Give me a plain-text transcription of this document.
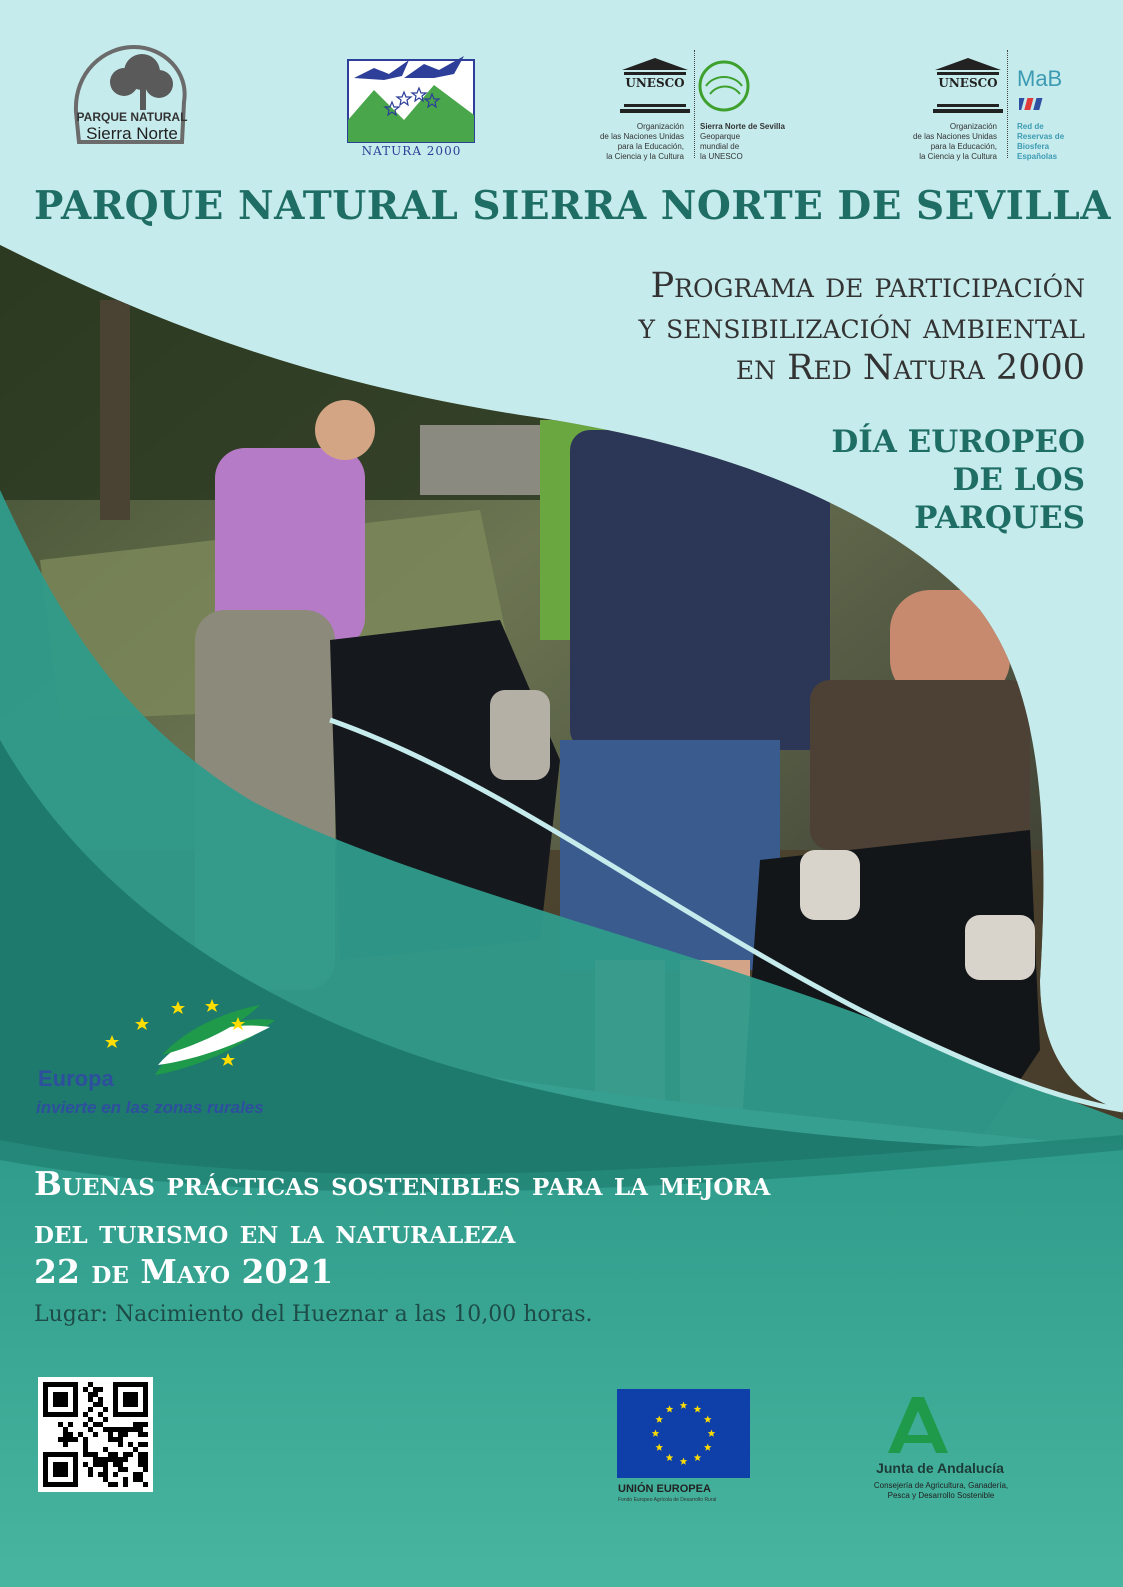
PARQUE NATURAL
Sierra Norte
NATURA 2000
UNESCO
Organización
de las Naciones Unidas
para la Educación,
la Ciencia y la Cultura
Sierra Norte de Sevilla
Geoparque
mundial de
la UNESCO
UNESCO MaB
Organización
de las Naciones Unidas
para la Educación,
la Ciencia y la Cultura
Red de
Reservas de
Biosfera
Españolas
PARQUE NATURAL SIERRA NORTE DE SEVILLA
Programa de participación
y sensibilización ambiental
en Red Natura 2000
DÍA EUROPEO
DE LOS
PARQUES
Europa
invierte en las zonas rurales
Buenas prácticas sostenibles para la mejora
del turismo en la naturaleza
22 de Mayo 2021
Lugar: Nacimiento del Hueznar a las 10,00 horas.
UNIÓN EUROPEA
Fondo Europeo Agrícola de Desarrollo Rural
Junta de Andalucía
Consejería de Agricultura, Ganadería,
Pesca y Desarrollo Sostenible
